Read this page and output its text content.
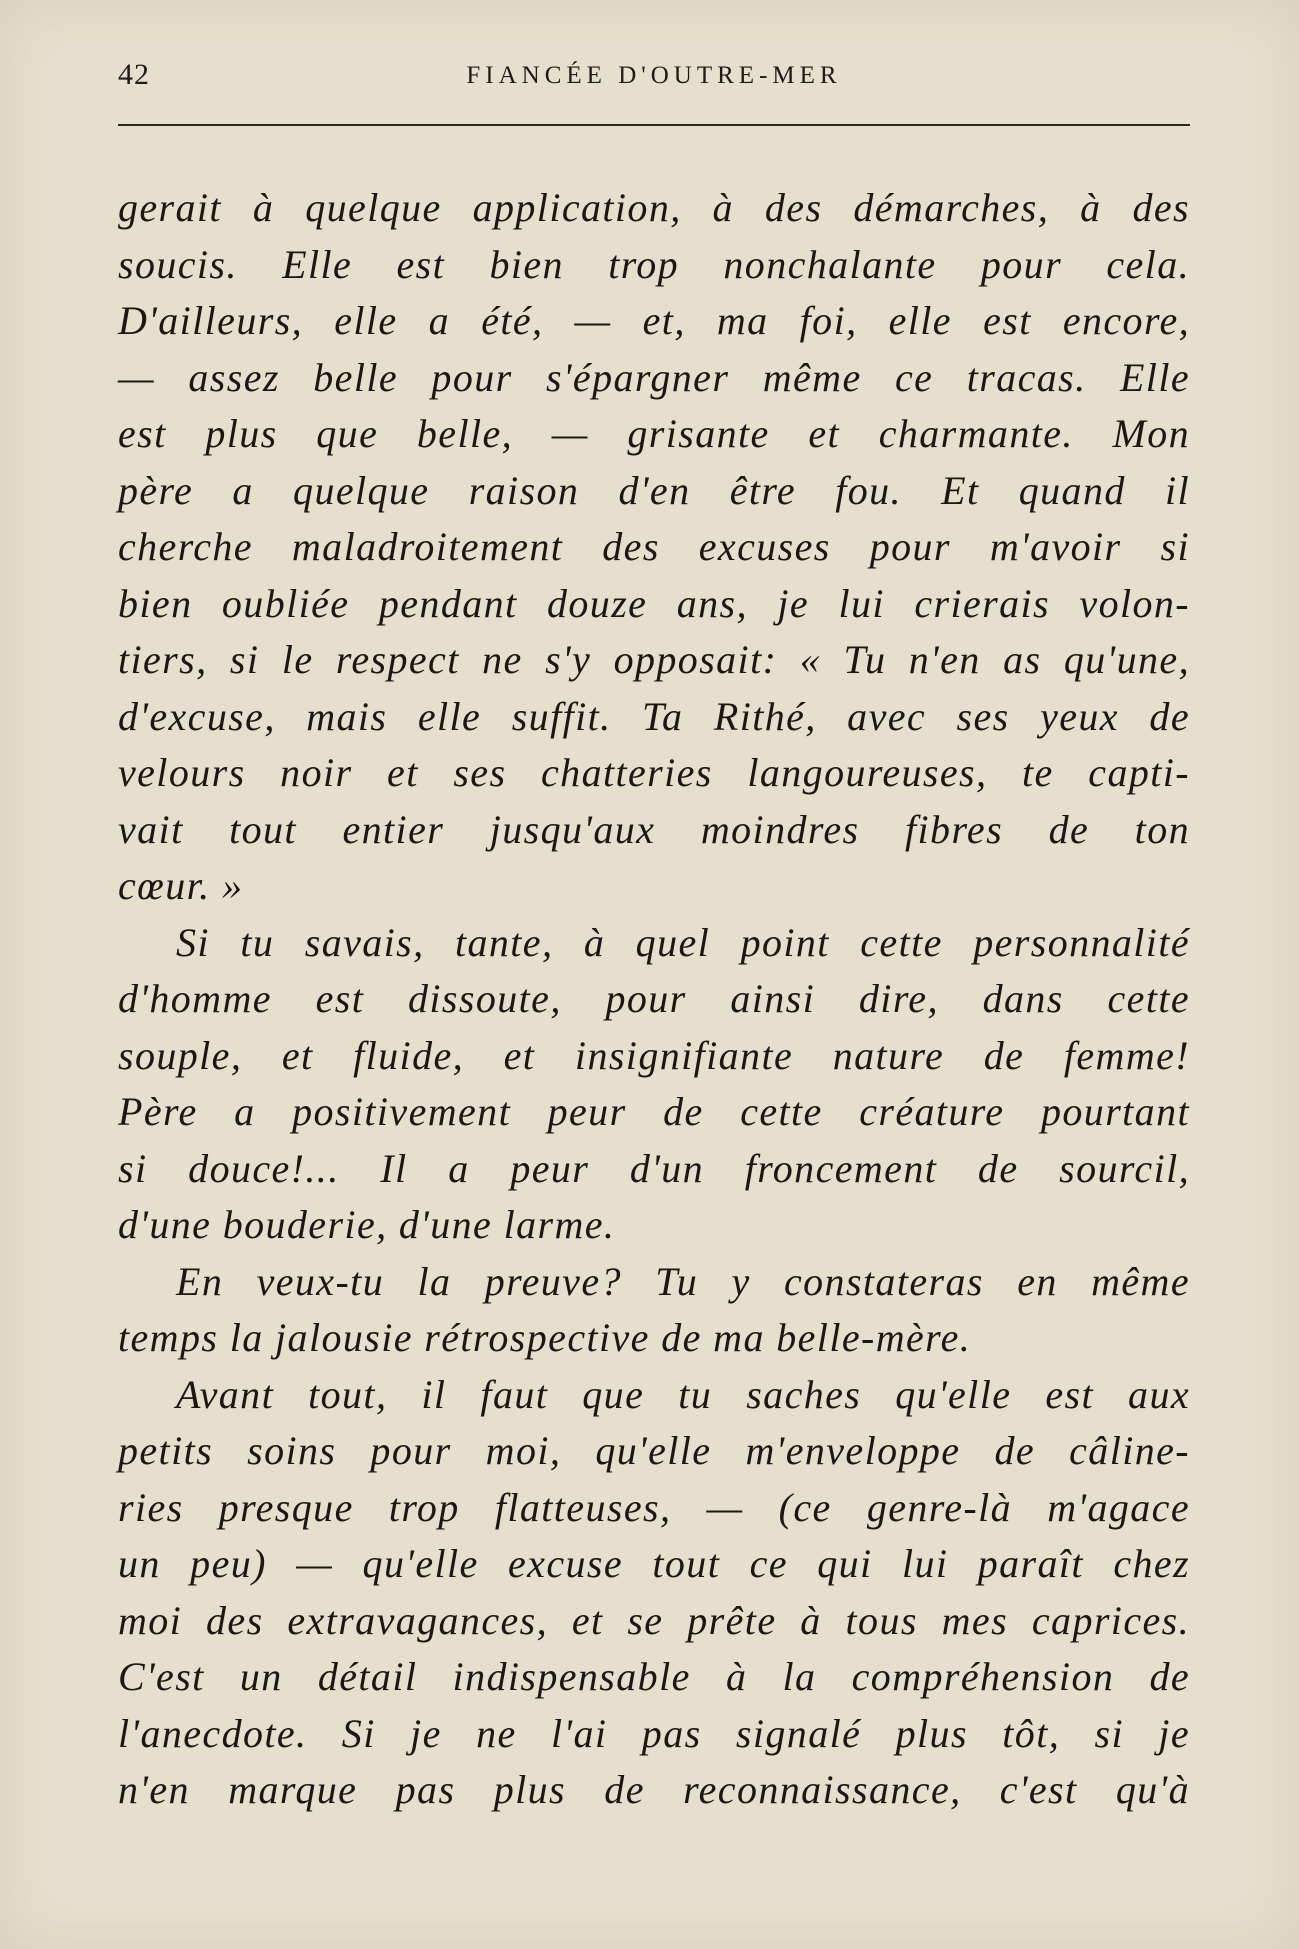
42	FIANCÉE D'OUTRE-MER
gerait à quelque application, à des démarches, à des
soucis. Elle est bien trop nonchalante pour cela.
D'ailleurs, elle a été, — et, ma foi, elle est encore,
— assez belle pour s'épargner même ce tracas. Elle
est plus que belle, — grisante et charmante. Mon
père a quelque raison d'en être fou. Et quand il
cherche maladroitement des excuses pour m'avoir si
bien oubliée pendant douze ans, je lui crierais volon-
tiers, si le respect ne s'y opposait: « Tu n'en as qu'une,
d'excuse, mais elle suffit. Ta Rithé, avec ses yeux de
velours noir et ses chatteries langoureuses, te capti-
vait tout entier jusqu'aux moindres fibres de ton
cœur. »
Si tu savais, tante, à quel point cette personnalité
d'homme est dissoute, pour ainsi dire, dans cette
souple, et fluide, et insignifiante nature de femme!
Père a positivement peur de cette créature pourtant
si douce!... Il a peur d'un froncement de sourcil,
d'une bouderie, d'une larme.
En veux-tu la preuve? Tu y constateras en même
temps la jalousie rétrospective de ma belle-mère.
Avant tout, il faut que tu saches qu'elle est aux
petits soins pour moi, qu'elle m'enveloppe de câline-
ries presque trop flatteuses, — (ce genre-là m'agace
un peu) — qu'elle excuse tout ce qui lui paraît chez
moi des extravagances, et se prête à tous mes caprices.
C'est un détail indispensable à la compréhension de
l'anecdote. Si je ne l'ai pas signalé plus tôt, si je
n'en marque pas plus de reconnaissance, c'est qu'à
